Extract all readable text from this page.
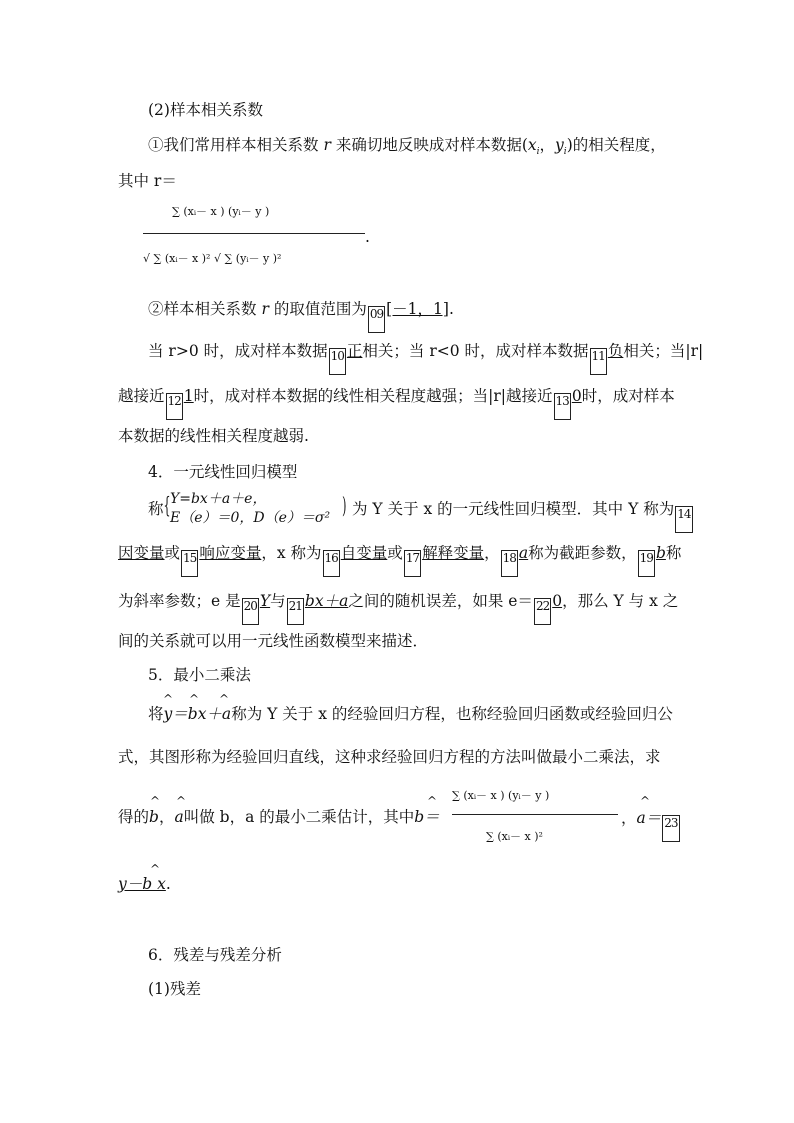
(2)样本相关系数
①我们常用样本相关系数 r 来确切地反映成对样本数据($x_i$，$y_i$)的相关程度，
其中 r＝
∑ (xᵢ－ x ) (yᵢ－ y )
√ ∑ (xᵢ－ x )² √ ∑ (yᵢ－ y )²
.
②样本相关系数 r 的取值范围为 09 [－1，1].
当 r>0 时，成对样本数据 10 正相关；当 r<0 时，成对样本数据 11 负相关；当|r|
越接近 12 1时，成对样本数据的线性相关程度越强；当|r|越接近 13 0时，成对样本
本数据的线性相关程度越弱.
4．一元线性回归模型
称 { Y=bx＋a＋e，
E（e）＝0，D（e）＝σ² ) 为 Y 关于 x 的一元线性回归模型．其中 Y 称为 14
因变量或 15 响应变量，x 称为 16 自变量或 17 解释变量， 18 a称为截距参数， 19 b称
为斜率参数；e 是 20 Y与 21 bx＋a之间的随机误差，如果 e＝ 22 0，那么 Y 与 x 之
间的关系就可以用一元线性函数模型来描述．
5．最小二乘法
将y＝bx＋a称为 Y 关于 x 的经验回归方程，也称经验回归函数或经验回归公
^ ^ ^
式，其图形称为经验回归直线，这种求经验回归方程的方法叫做最小二乘法，求
得的b，a叫做 b，a 的最小二乘估计，其中b＝
^ ^	^ ∑ (xᵢ－ x ) (yᵢ－ y )
∑ (xᵢ－ x )²
，a＝ 23
^
y－b x.
^
6．残差与残差分析
(1)残差
